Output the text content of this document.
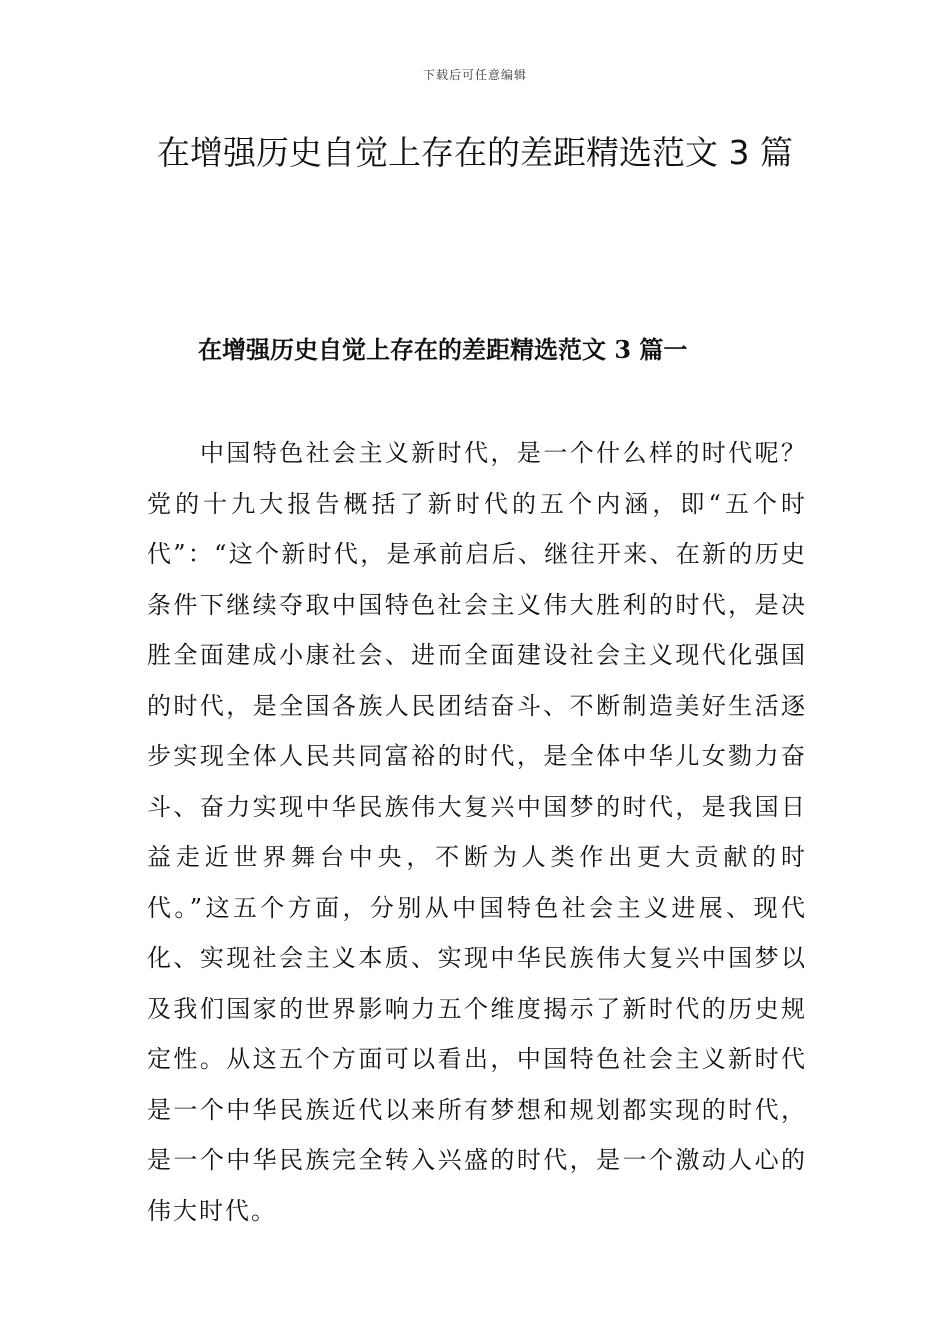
下载后可任意编辑
在增强历史自觉上存在的差距精选范文 3 篇
在增强历史自觉上存在的差距精选范文 3 篇一

中国特色社会主义新时代，是一个什么样的时代呢？党的十九大报告概括了新时代的五个内涵，即“五个时代”：“这个新时代，是承前启后、继往开来、在新的历史条件下继续夺取中国特色社会主义伟大胜利的时代，是决胜全面建成小康社会、进而全面建设社会主义现代化强国的时代，是全国各族人民团结奋斗、不断制造美好生活逐步实现全体人民共同富裕的时代，是全体中华儿女勠力奋斗、奋力实现中华民族伟大复兴中国梦的时代，是我国日益走近世界舞台中央，不断为人类作出更大贡献的时代。”这五个方面，分别从中国特色社会主义进展、现代化、实现社会主义本质、实现中华民族伟大复兴中国梦以及我们国家的世界影响力五个维度揭示了新时代的历史规定性。从这五个方面可以看出，中国特色社会主义新时代是一个中华民族近代以来所有梦想和规划都实现的时代，是一个中华民族完全转入兴盛的时代，是一个激动人心的伟大时代。
